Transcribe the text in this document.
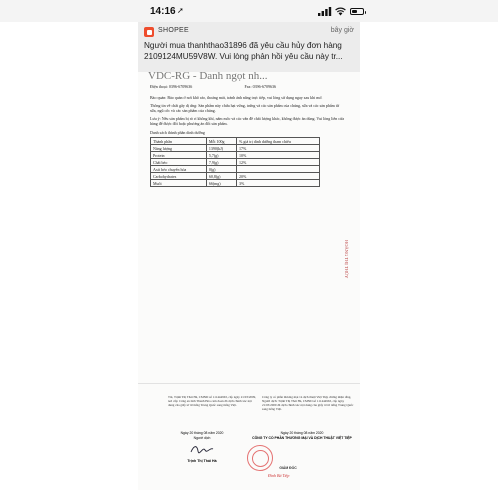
14:16 ➚
SHOPEE	bây giờ
Người mua thanhthao31896 đã yêu cầu hủy đơn hàng
2109124MU59V8W. Vui lòng phản hồi yêu cầu này tr...
VDC-RG - Danh ngọt nh...
Điện thoại: 0396-6709636	Fax: 0396-6709636

Bảo quản: Bảo quản ở nơi khô ráo, thoáng mát, tránh ánh nắng trực tiếp, vui lòng sử dụng ngay sau khi mở.

Thông tin về chất gây dị ứng: Sản phẩm này chứa hạt vừng, trứng và các sản phẩm của chúng, sữa và các sản phẩm từ sữa, ngũ cốc và các sản phẩm của chúng.

Lưu ý: Nếu sản phẩm bị rò rỉ không khí, nấm mốc và các vấn đề chất lượng khác, không được ăn dùng. Vui lòng liên cửa hàng để được đổi hoặc phương án đổi sản phẩm.

Danh sách thành phần dinh dưỡng
Thành phần	Mỗi 100g	% giá trị dinh dưỡng tham chiếu
Năng lượng	1390(kJ)	17%
Protein	5,7(g)	10%
Chất béo	7,9(g)	12%
Axit béo chuyển hóa	0(g)	
Carbohydrates	60,8(g)	20%
Muối	66(mg)	3%
HOÀNG THỊ THÚY
Tôi, Trịnh Thị Thái Hà, CMND số 111444963, cấp ngày 21/03/2009, nơi cấp: Công an tỉnh Thanh Hóa cam đoan đã dịch chính xác nội dung của giấy tờ từ tiếng Trung Quốc sang tiếng Việt.
Công ty cổ phần thương mại và dịch thuật Việt Tiệp chứng nhận rằng, Người dịch: Trịnh Thị Thái Hà, CMND số 111444963, cấp ngày 21/03/2009 đã dịch chính xác nội dung của giấy tờ từ tiếng Trung Quốc sang tiếng Việt.
Ngày 20 tháng 08 năm 2020
Người dịch
Trịnh Thị Thái Hà
Ngày 20 tháng 08 năm 2020
CÔNG TY CỔ PHẦN THƯƠNG MẠI VÀ DỊCH THUẬT VIỆT TIỆP
GIÁM ĐỐC
Đinh Bá Tiệp
